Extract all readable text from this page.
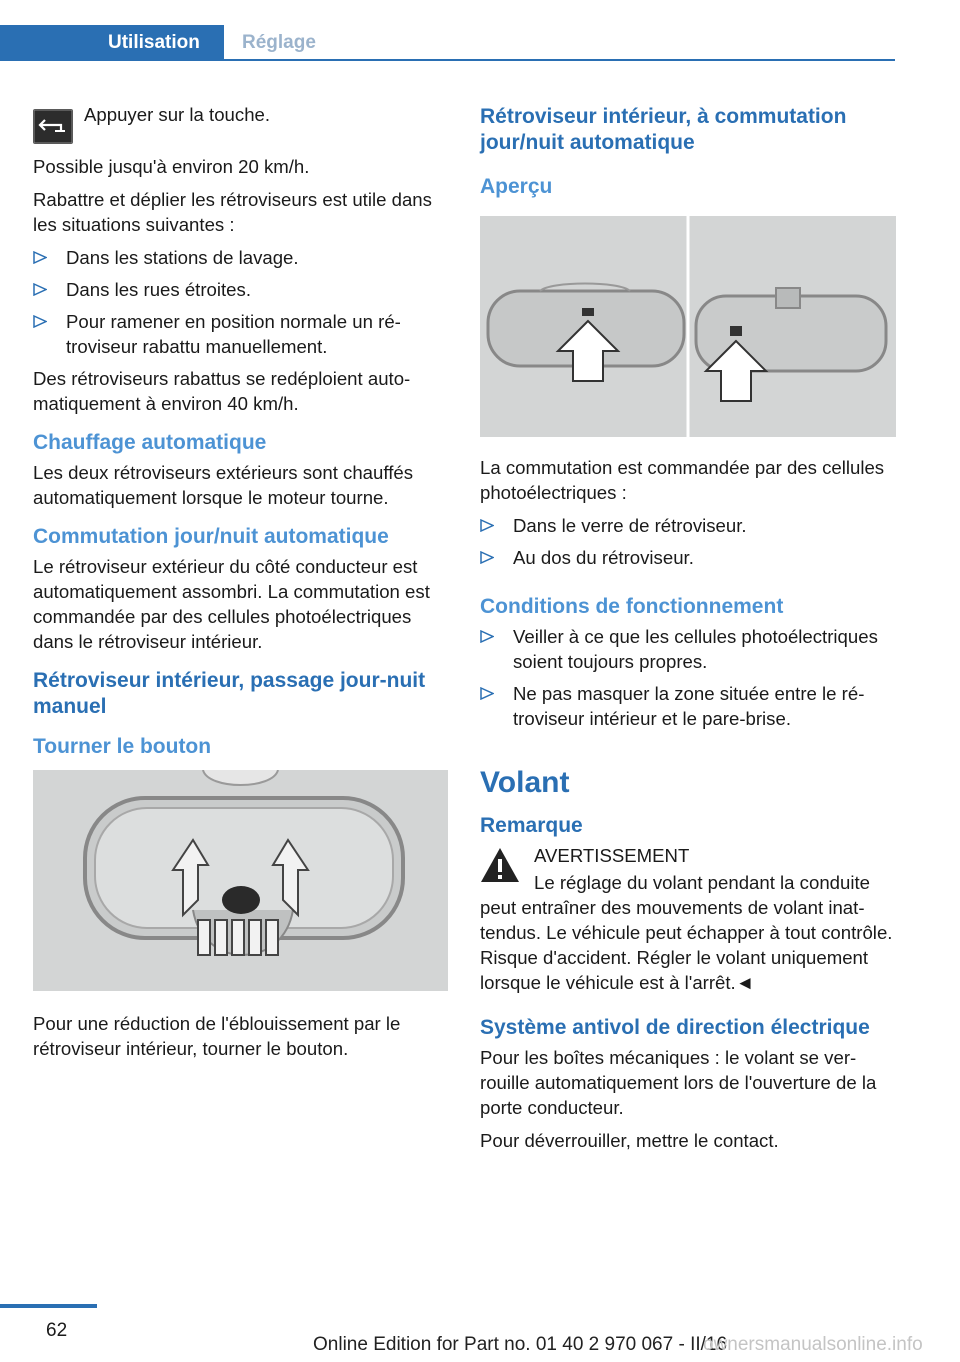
Utilisation	Réglage
Appuyer sur la touche.

Possible jusqu'à environ 20 km/h.

Rabattre et déplier les rétroviseurs est utile dans les situations suivantes :

Dans les stations de lavage.
Dans les rues étroites.
Pour ramener en position normale un rétroviseur rabattu manuellement.

Des rétroviseurs rabattus se redéploient automatiquement à environ 40 km/h.

Chauffage automatique

Les deux rétroviseurs extérieurs sont chauffés automatiquement lorsque le moteur tourne.

Commutation jour/nuit automatique

Le rétroviseur extérieur du côté conducteur est automatiquement assombri. La commutation est commandée par des cellules photoélectriques dans le rétroviseur intérieur.

Rétroviseur intérieur, passage jour-nuit manuel
Tourner le bouton

Pour une réduction de l'éblouissement par le rétroviseur intérieur, tourner le bouton.

Rétroviseur intérieur, à commutation jour/nuit automatique
Aperçu

La commutation est commandée par des cellules photoélectriques :

Dans le verre de rétroviseur.
Au dos du rétroviseur.
Conditions de fonctionnement
Veiller à ce que les cellules photoélectriques soient toujours propres.
Ne pas masquer la zone située entre le rétroviseur intérieur et le pare-brise.
Volant
Remarque

AVERTISSEMENT

Le réglage du volant pendant la conduite peut entraîner des mouvements de volant inattendus. Le véhicule peut échapper à tout contrôle. Risque d'accident. Régler le volant uniquement lorsque le véhicule est à l'arrêt.◄

Système antivol de direction électrique

Pour les boîtes mécaniques : le volant se verrouille automatiquement lors de l'ouverture de la porte conducteur.

Pour déverrouiller, mettre le contact.

62
Online Edition for Part no. 01 40 2 970 067 - II/16
ownersmanualsonline.info
